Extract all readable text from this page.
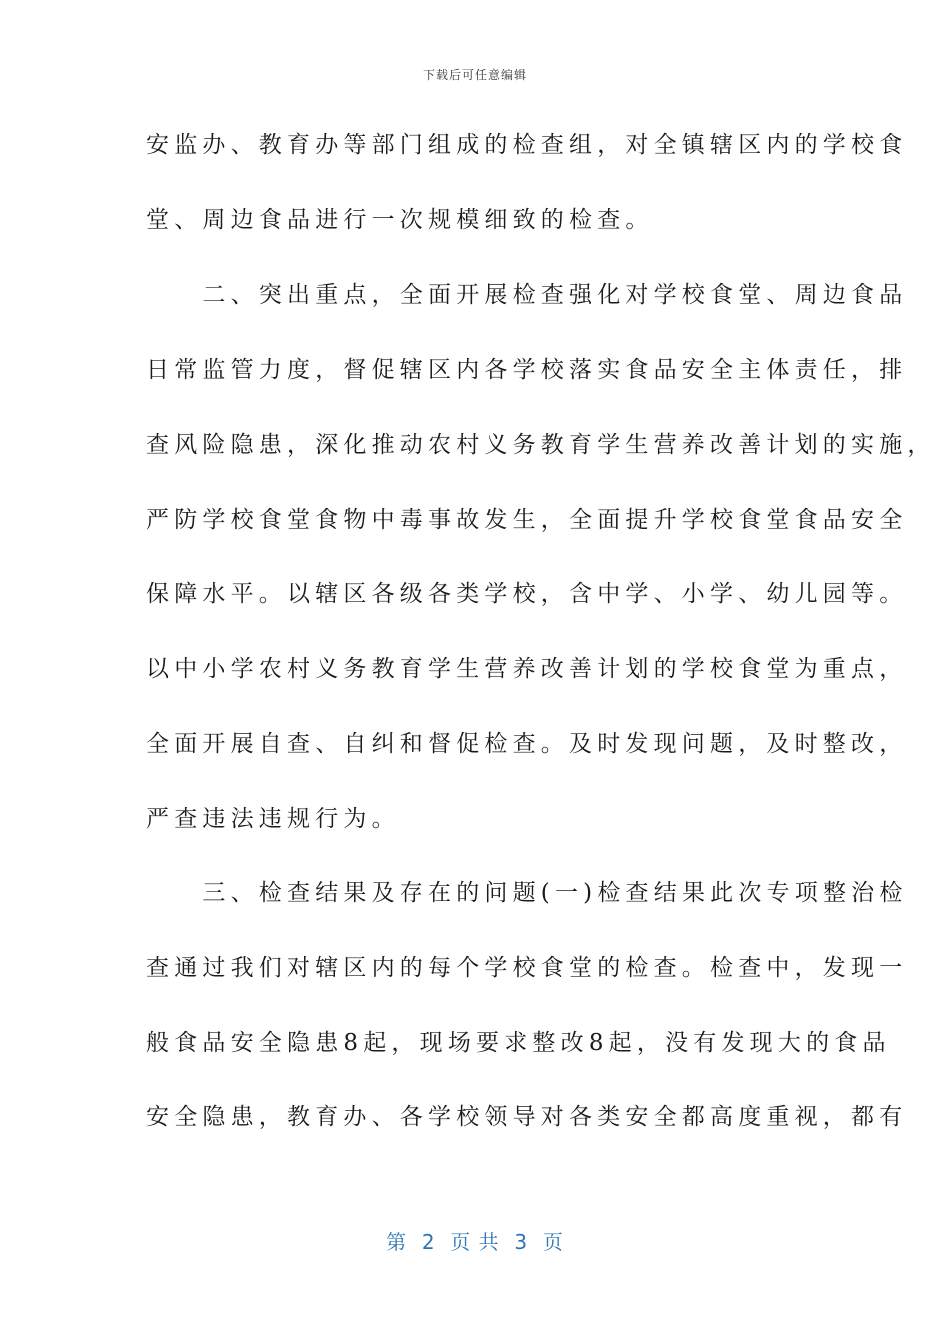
下载后可任意编辑
安监办、教育办等部门组成的检查组，对全镇辖区内的学校食
堂、周边食品进行一次规模细致的检查。
　　二、突出重点，全面开展检查强化对学校食堂、周边食品
日常监管力度，督促辖区内各学校落实食品安全主体责任，排
查风险隐患，深化推动农村义务教育学生营养改善计划的实施，
严防学校食堂食物中毒事故发生，全面提升学校食堂食品安全
保障水平。以辖区各级各类学校，含中学、小学、幼儿园等。
以中小学农村义务教育学生营养改善计划的学校食堂为重点，
全面开展自查、自纠和督促检查。及时发现问题，及时整改，
严查违法违规行为。
　　三、检查结果及存在的问题(一)检查结果此次专项整治检
查通过我们对辖区内的每个学校食堂的检查。检查中，发现一
般食品安全隐患8起，现场要求整改8起，没有发现大的食品
安全隐患，教育办、各学校领导对各类安全都高度重视，都有
第  2  页 共  3  页
